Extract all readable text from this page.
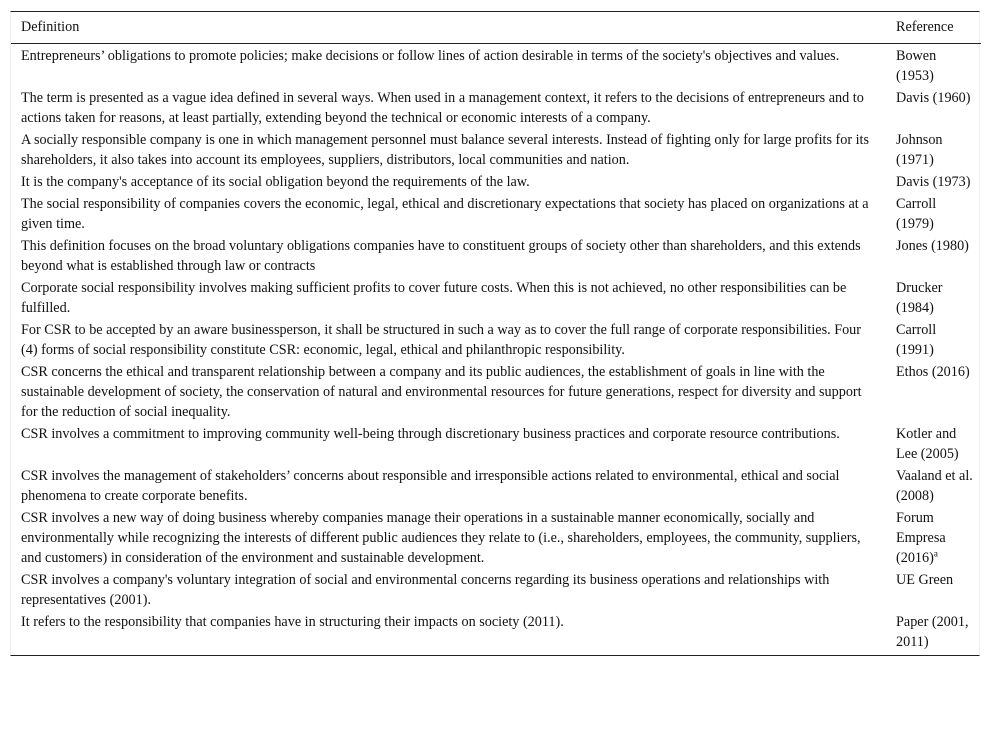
Definition	Reference
Entrepreneurs’ obligations to promote policies; make decisions or follow lines of action desirable in terms of the society's objectives and values.	Bowen (1953)
The term is presented as a vague idea defined in several ways. When used in a management context, it refers to the decisions of entrepreneurs and to actions taken for reasons, at least partially, extending beyond the technical or economic interests of a company.	Davis (1960)
A socially responsible company is one in which management personnel must balance several interests. Instead of fighting only for large profits for its shareholders, it also takes into account its employees, suppliers, distributors, local communities and nation.	Johnson (1971)
It is the company's acceptance of its social obligation beyond the requirements of the law.	Davis (1973)
The social responsibility of companies covers the economic, legal, ethical and discretionary expectations that society has placed on organizations at a given time.	Carroll (1979)
This definition focuses on the broad voluntary obligations companies have to constituent groups of society other than shareholders, and this extends beyond what is established through law or contracts	Jones (1980)
Corporate social responsibility involves making sufficient profits to cover future costs. When this is not achieved, no other responsibilities can be fulfilled.	Drucker (1984)
For CSR to be accepted by an aware businessperson, it shall be structured in such a way as to cover the full range of corporate responsibilities. Four (4) forms of social responsibility constitute CSR: economic, legal, ethical and philanthropic responsibility.	Carroll (1991)
CSR concerns the ethical and transparent relationship between a company and its public audiences, the establishment of goals in line with the sustainable development of society, the conservation of natural and environmental resources for future generations, respect for diversity and support for the reduction of social inequality.	Ethos (2016)
CSR involves a commitment to improving community well-being through discretionary business practices and corporate resource contributions.	Kotler and Lee (2005)
CSR involves the management of stakeholders’ concerns about responsible and irresponsible actions related to environmental, ethical and social phenomena to create corporate benefits.	Vaaland et al. (2008)
CSR involves a new way of doing business whereby companies manage their operations in a sustainable manner economically, socially and environmentally while recognizing the interests of different public audiences they relate to (i.e., shareholders, employees, the community, suppliers, and customers) in consideration of the environment and sustainable development.	Forum Empresa $(2016)^a$
CSR involves a company's voluntary integration of social and environmental concerns regarding its business operations and relationships with representatives (2001).	UE Green
It refers to the responsibility that companies have in structuring their impacts on society (2011).	Paper (2001, 2011)
